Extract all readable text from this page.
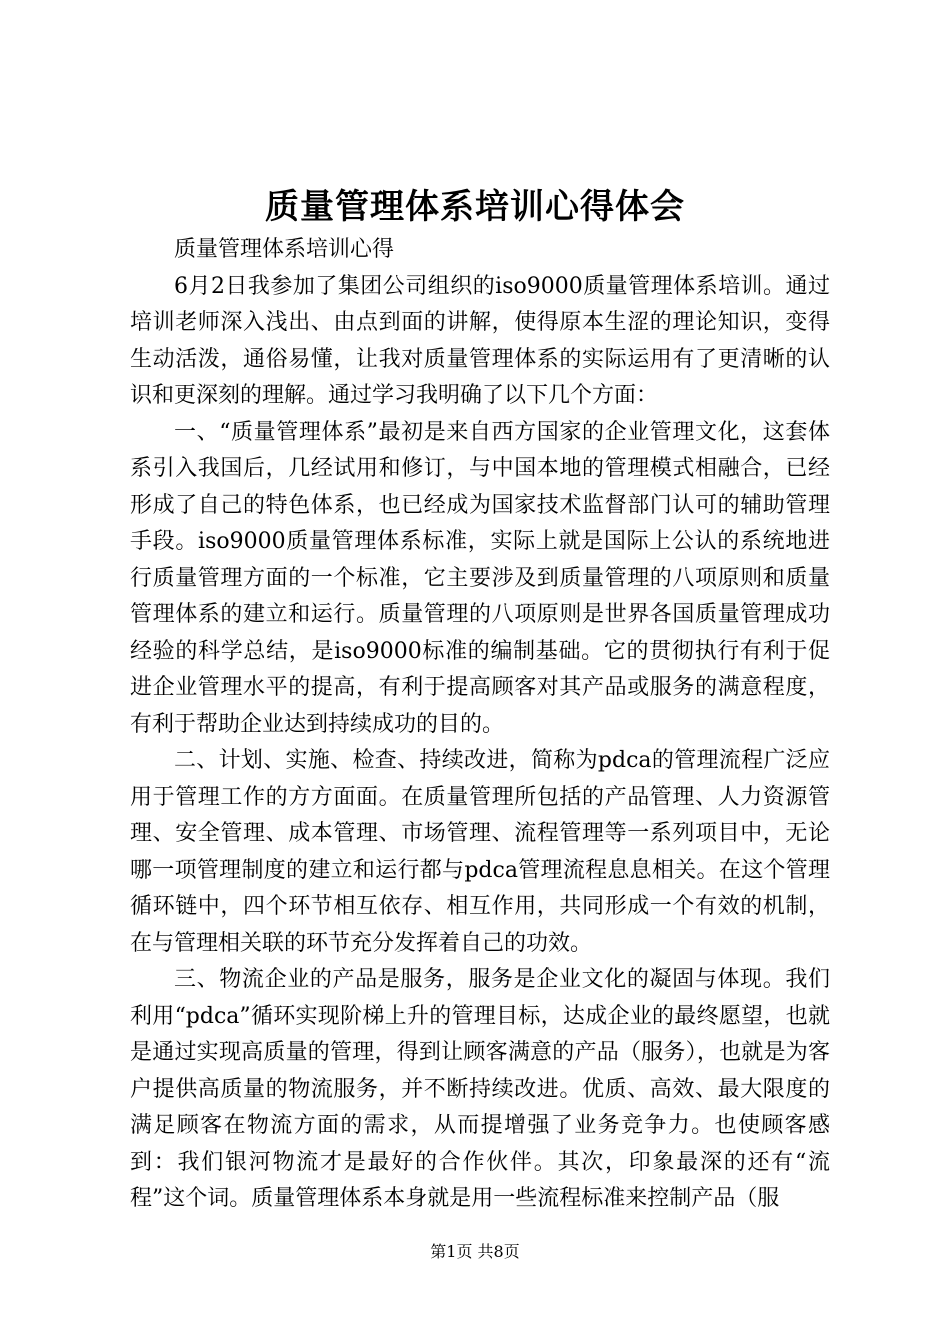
质量管理体系培训心得体会

质量管理体系培训心得

6月2日我参加了集团公司组织的iso9000质量管理体系培训。通过培训老师深入浅出、由点到面的讲解，使得原本生涩的理论知识，变得生动活泼，通俗易懂，让我对质量管理体系的实际运用有了更清晰的认识和更深刻的理解。通过学习我明确了以下几个方面：

一、“质量管理体系”最初是来自西方国家的企业管理文化，这套体系引入我国后，几经试用和修订，与中国本地的管理模式相融合，已经形成了自己的特色体系，也已经成为国家技术监督部门认可的辅助管理手段。iso9000质量管理体系标准，实际上就是国际上公认的系统地进行质量管理方面的一个标准，它主要涉及到质量管理的八项原则和质量管理体系的建立和运行。质量管理的八项原则是世界各国质量管理成功经验的科学总结，是iso9000标准的编制基础。它的贯彻执行有利于促进企业管理水平的提高，有利于提高顾客对其产品或服务的满意程度，有利于帮助企业达到持续成功的目的。

二、计划、实施、检查、持续改进，简称为pdca的管理流程广泛应用于管理工作的方方面面。在质量管理所包括的产品管理、人力资源管理、安全管理、成本管理、市场管理、流程管理等一系列项目中，无论哪一项管理制度的建立和运行都与pdca管理流程息息相关。在这个管理循环链中，四个环节相互依存、相互作用，共同形成一个有效的机制，在与管理相关联的环节充分发挥着自己的功效。

三、物流企业的产品是服务，服务是企业文化的凝固与体现。我们利用“pdca”循环实现阶梯上升的管理目标，达成企业的最终愿望，也就是通过实现高质量的管理，得到让顾客满意的产品（服务），也就是为客户提供高质量的物流服务，并不断持续改进。优质、高效、最大限度的满足顾客在物流方面的需求，从而提增强了业务竞争力。也使顾客感到：我们银河物流才是最好的合作伙伴。其次，印象最深的还有“流程”这个词。质量管理体系本身就是用一些流程标准来控制产品（服

第1页 共8页
